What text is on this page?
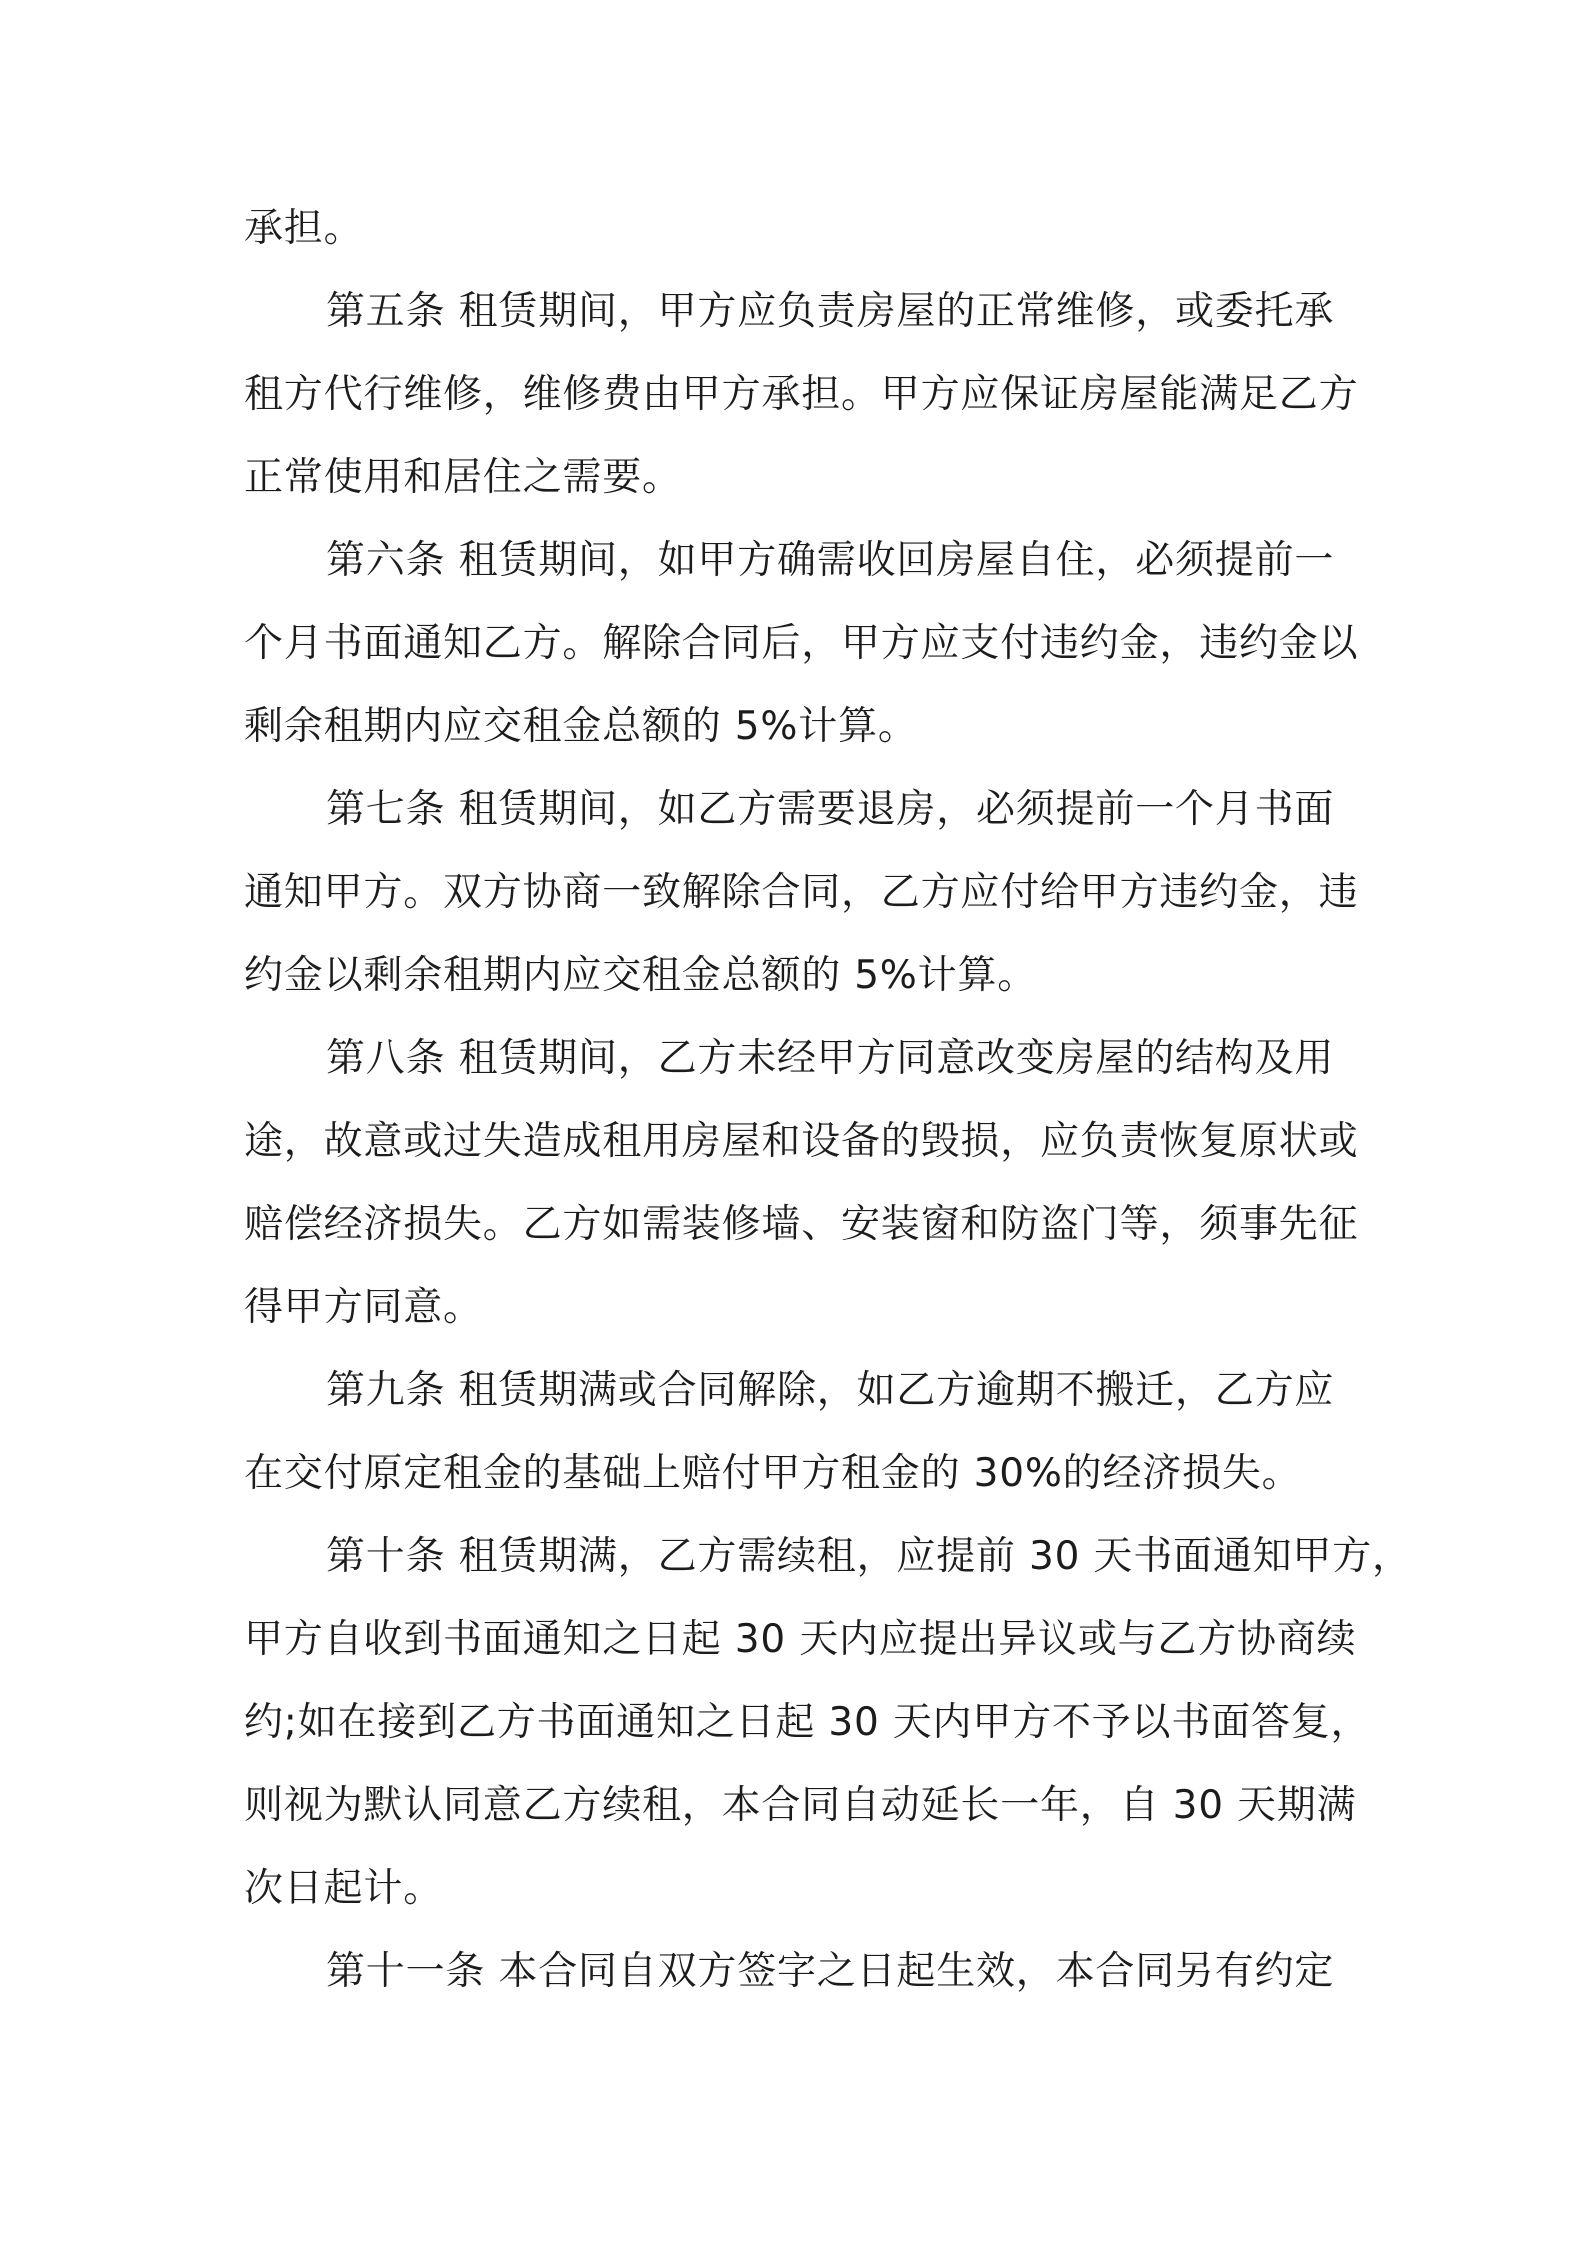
承担。
第五条 租赁期间，甲方应负责房屋的正常维修，或委托承
租方代行维修，维修费由甲方承担。甲方应保证房屋能满足乙方
正常使用和居住之需要。
第六条 租赁期间，如甲方确需收回房屋自住，必须提前一
个月书面通知乙方。解除合同后，甲方应支付违约金，违约金以
剩余租期内应交租金总额的 5%计算。
第七条 租赁期间，如乙方需要退房，必须提前一个月书面
通知甲方。双方协商一致解除合同，乙方应付给甲方违约金，违
约金以剩余租期内应交租金总额的 5%计算。
第八条 租赁期间，乙方未经甲方同意改变房屋的结构及用
途，故意或过失造成租用房屋和设备的毁损，应负责恢复原状或
赔偿经济损失。乙方如需装修墙、安装窗和防盗门等，须事先征
得甲方同意。
第九条 租赁期满或合同解除，如乙方逾期不搬迁，乙方应
在交付原定租金的基础上赔付甲方租金的 30%的经济损失。
第十条 租赁期满，乙方需续租，应提前 30 天书面通知甲方，
甲方自收到书面通知之日起 30 天内应提出异议或与乙方协商续
约;如在接到乙方书面通知之日起 30 天内甲方不予以书面答复，
则视为默认同意乙方续租，本合同自动延长一年，自 30 天期满
次日起计。
第十一条 本合同自双方签字之日起生效，本合同另有约定
